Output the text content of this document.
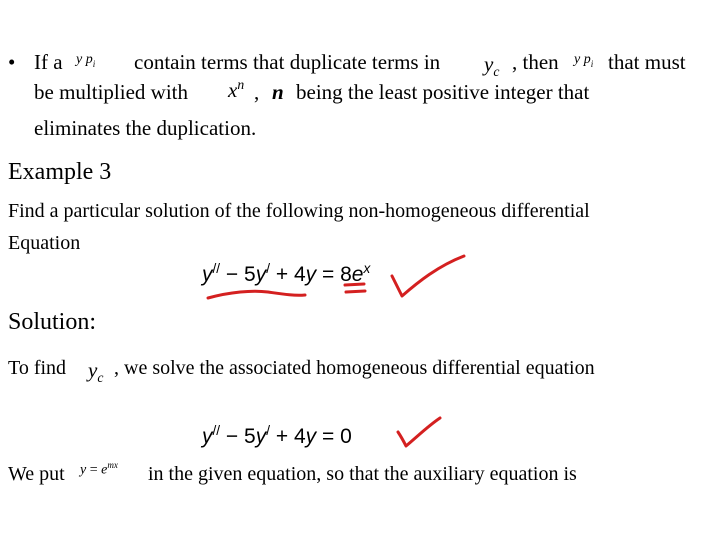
• If a y $p_i$ contain terms that duplicate terms in $y_c$ , then y $p_i$ that must
be multiplied with $x^n$ , n being the least positive integer that
eliminates the duplication.
Example 3
Find a particular solution of the following non-homogeneous differential
Equation
$y^{//} - 5y^/ + 4y = 8e^x$
Solution:
To find $y_c$ , we solve the associated homogeneous differential equation
y// − 5y/ + 4y = 0
We put $y = e^{mx}$ in the given equation, so that the auxiliary equation is
